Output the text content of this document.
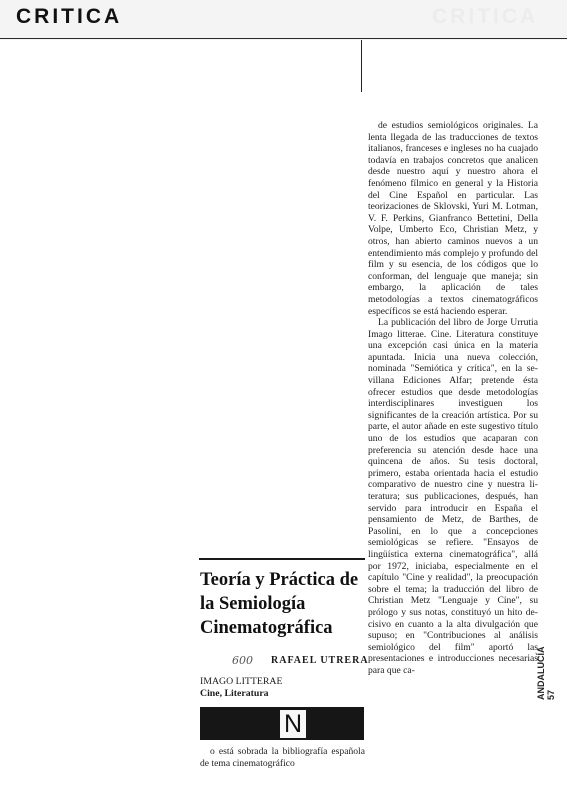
CRITICA
CRITICA

de estudios semiológicos originales. La lenta llegada de las traducciones de textos italianos, franceses e ingleses no ha cuajado todavía en trabajos concretos que analicen desde nuestro aquí y nuestro ahora el fenómeno fílmico en general y la Historia del Cine Español en particular. Las teorizaciones de Sklovski, Yuri M. Lotman, V. F. Perkins, Gianfranco Bettetini, Della Volpe, Umberto Eco, Christian Metz, y otros, han abierto caminos nuevos a un entendimiento más complejo y profundo del film y su esencia, de los códigos que lo conforman, del lenguaje que maneja; sin embargo, la aplicación de tales metodologías a textos cinematográficos específicos se está haciendo esperar.

La publicación del libro de Jorge Urrutia Imago litterae. Cine. Literatura constituye una excepción casi única en la materia apuntada. Inicia una nueva colección, nominada "Semiótica y crítica", en la sevillana Ediciones Alfar; pretende ésta ofrecer estudios que desde metodologías interdisciplinares investiguen los significantes de la creación artística. Por su parte, el autor añade en este sugestivo título uno de los estudios que acaparan con preferencia su atención desde hace una quincena de años. Su tesis doctoral, primero, estaba orientada hacia el estudio comparativo de nuestro cine y nuestra literatura; sus publicaciones, después, han servido para introducir en España el pensamiento de Metz, de Barthes, de Pasolini, en lo que a concepciones semiológicas se refiere. "Ensayos de lingüística externa cinematográfica", allá por 1972, iniciaba, especialmente en el capítulo "Cine y realidad", la preocupación sobre el tema; la traducción del libro de Christian Metz "Lenguaje y Cine", su prólogo y sus notas, constituyó un hito decisivo en cuanto a la alta divulgación que supuso; en "Contribuciones al análisis semiológico del film" aportó las presentaciones e introducciones necesarias para que ca-

Teoría y Práctica de la Semiología Cinematográfica
600 RAFAEL UTRERA
IMAGO LITTERAE
Cine, Literatura
N

o está sobrada la bibliografía española de tema cinematográfico

ANDALUCÍA 57
